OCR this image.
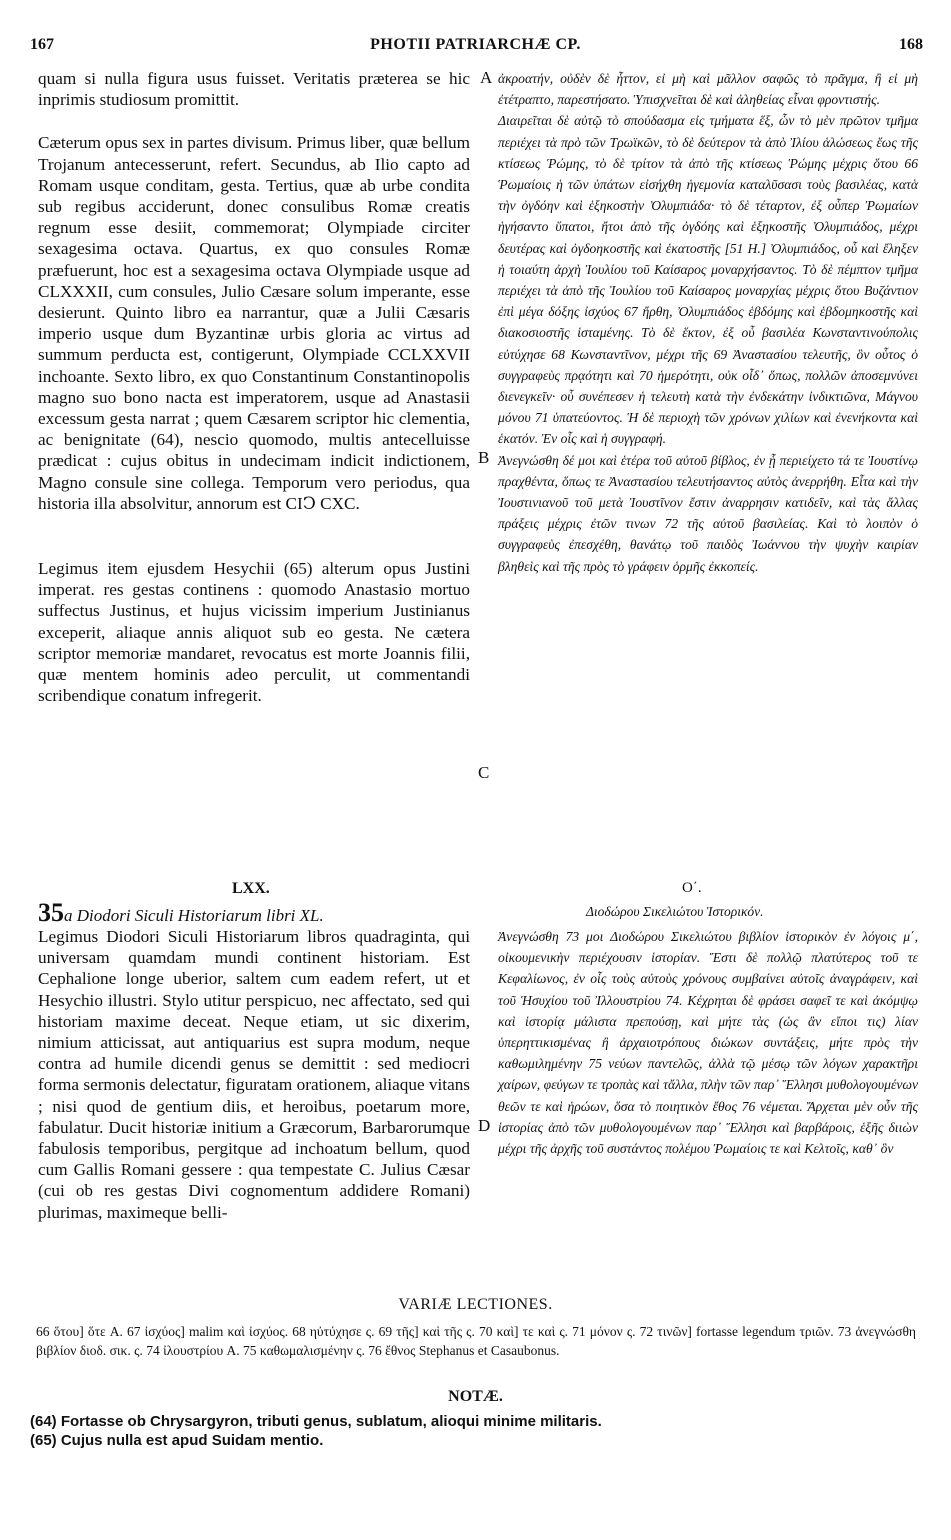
167	PHOTII PATRIARCHÆ CP.	168
A
B
C
D

quam si nulla figura usus fuisset. Veritatis præterea se hic inprimis studiosum promittit.

Cæterum opus sex in partes divisum. Primus liber, quæ bellum Trojanum antecesserunt, refert. Secundus, ab Ilio capto ad Romam usque conditam, gesta. Tertius, quæ ab urbe condita sub regibus acciderunt, donec consulibus Romæ creatis regnum esse desiit, commemorat; Olympiade circiter sexagesima octava. Quartus, ex quo consules Romæ præfuerunt, hoc est a sexagesima octava Olympiade usque ad CLXXXII, cum consules, Julio Cæsare solum imperante, esse desierunt. Quinto libro ea narrantur, quæ a Julii Cæsaris imperio usque dum Byzantinæ urbis gloria ac virtus ad summum perducta est, contigerunt, Olympiade CCLXXVII inchoante. Sexto libro, ex quo Constantinum Constantinopolis magno suo bono nacta est imperatorem, usque ad Anastasii excessum gesta narrat ; quem Cæsarem scriptor hic clementia, ac benignitate (64), nescio quomodo, multis antecelluisse prædicat : cujus obitus in undecimam indicit indictionem, Magno consule sine collega. Temporum vero periodus, qua historia illa absolvitur, annorum est CIↃ CXC.

Legimus item ejusdem Hesychii (65) alterum opus Justini imperat. res gestas continens : quomodo Anastasio mortuo suffectus Justinus, et hujus vicissim imperium Justinianus exceperit, aliaque annis aliquot sub eo gesta. Ne cætera scriptor memoriæ mandaret, revocatus est morte Joannis filii, quæ mentem hominis adeo perculit, ut commentandi scribendique conatum infregerit.

LXX.
35a Diodori Siculi Historiarum libri XL.

Legimus Diodori Siculi Historiarum libros quadraginta, qui universam quamdam mundi continent historiam. Est Cephalione longe uberior, saltem cum eadem refert, ut et Hesychio illustri. Stylo utitur perspicuo, nec affectato, sed qui historiam maxime deceat. Neque etiam, ut sic dixerim, nimium atticissat, aut antiquarius est supra modum, neque contra ad humile dicendi genus se demittit : sed mediocri forma sermonis delectatur, figuratam orationem, aliaque vitans ; nisi quod de gentium diis, et heroibus, poetarum more, fabulatur. Ducit historiæ initium a Græcorum, Barbarorumque fabulosis temporibus, pergitque ad inchoatum bellum, quod cum Gallis Romani gessere : qua tempestate C. Julius Cæsar (cui ob res gestas Divi cognomentum addidere Romani) plurimas, maximeque belli-

ἀκροατήν, οὐδὲν δὲ ἧττον, εἰ μὴ καὶ μᾶλλον σαφῶς τὸ πρᾶγμα, ἢ εἰ μὴ ἐτέτραπτο, παρεστήσατο. Ὑπισχνεῖται δὲ καὶ ἀληθείας εἶναι φροντιστής.

Διαιρεῖται δὲ αὐτῷ τὸ σπούδασμα εἰς τμήματα ἕξ, ὧν τὸ μὲν πρῶτον τμῆμα περιέχει τὰ πρὸ τῶν Τρωϊκῶν, τὸ δὲ δεύτερον τὰ ἀπὸ Ἰλίου ἁλώσεως ἕως τῆς κτίσεως Ῥώμης, τὸ δὲ τρίτον τὰ ἀπὸ τῆς κτίσεως Ῥώμης μέχρις ὅτου 66 Ῥωμαίοις ἡ τῶν ὑπάτων εἰσήχθη ἡγεμονία καταλῦσασι τοὺς βασιλέας, κατὰ τὴν ὀγδόην καὶ ἑξηκοστὴν Ὀλυμπιάδα· τὸ δὲ τέταρτον, ἐξ οὗπερ Ῥωμαίων ἡγήσαντο ὕπατοι, ἤτοι ἀπὸ τῆς ὀγδόης καὶ ἑξηκοστῆς Ὀλυμπιάδος, μέχρι δευτέρας καὶ ὀγδοηκοστῆς καὶ ἑκατοστῆς [51 H.] Ὀλυμπιάδος, οὗ καὶ ἔληξεν ἡ τοιαύτη ἀρχὴ Ἰουλίου τοῦ Καίσαρος μοναρχήσαντος. Τὸ δὲ πέμπτον τμῆμα περιέχει τὰ ἀπὸ τῆς Ἰουλίου τοῦ Καίσαρος μοναρχίας μέχρις ὅτου Βυζάντιον ἐπὶ μέγα δόξης ἰσχύος 67 ἤρθη, Ὀλυμπιάδος ἑβδόμης καὶ ἑβδομηκοστῆς καὶ διακοσιοστῆς ἱσταμένης. Τὸ δὲ ἕκτον, ἐξ οὗ βασιλέα Κωνσταντινούπολις εὐτύχησε 68 Κωνσταντῖνον, μέχρι τῆς 69 Ἀναστασίου τελευτῆς, ὃν οὗτος ὁ συγγραφεὺς πρᾳότητι καὶ 70 ἡμερότητι, οὐκ οἶδ᾽ ὅπως, πολλῶν ἀποσεμνύνει διενεγκεῖν· οὗ συνέπεσεν ἡ τελευτὴ κατὰ τὴν ἐνδεκάτην ἰνδικτιῶνα, Μάγνου μόνου 71 ὑπατεύοντος. Ἡ δὲ περιοχὴ τῶν χρόνων χιλίων καὶ ἐνενήκοντα καὶ ἑκατόν. Ἐν οἷς καὶ ἡ συγγραφή.

Ἀνεγνώσθη δέ μοι καὶ ἑτέρα τοῦ αὐτοῦ βίβλος, ἐν ᾗ περιείχετο τά τε Ἰουστίνῳ πραχθέντα, ὅπως τε Ἀναστασίου τελευτήσαντος αὐτὸς ἀνερρήθη. Εἶτα καὶ τὴν Ἰουστινιανοῦ τοῦ μετὰ Ἰουστῖνον ἔστιν ἀναρρησιν κατιδεῖν, καὶ τὰς ἄλλας πράξεις μέχρις ἐτῶν τινων 72 τῆς αὐτοῦ βασιλείας. Καὶ τὸ λοιπὸν ὁ συγγραφεὺς ἐπεσχέθη, θανάτῳ τοῦ παιδὸς Ἰωάννου τὴν ψυχὴν καιρίαν βληθεὶς καὶ τῆς πρὸς τὸ γράφειν ὁρμῆς ἐκκοπείς.

Ο΄.
Διοδώρου Σικελιώτου Ἱστορικόν.

Ἀνεγνώσθη 73 μοι Διοδώρου Σικελιώτου βιβλίον ἱστορικὸν ἐν λόγοις μ΄, οἰκουμενικὴν περιέχουσιν ἱστορίαν. Ἔστι δὲ πολλῷ πλατύτερος τοῦ τε Κεφαλίωνος, ἐν οἷς τοὺς αὐτοὺς χρόνους συμβαίνει αὐτοῖς ἀναγράφειν, καὶ τοῦ Ἡσυχίου τοῦ Ἰλλουστρίου 74. Κέχρηται δὲ φράσει σαφεῖ τε καὶ ἀκόμψῳ καὶ ἱστορίᾳ μάλιστα πρεπούσῃ, καὶ μήτε τὰς (ὡς ἂν εἴποι τις) λίαν ὑπερηττικισμένας ἢ ἀρχαιοτρόπους διώκων συντάξεις, μήτε πρὸς τὴν καθωμιλημένην 75 νεύων παντελῶς, ἀλλὰ τῷ μέσῳ τῶν λόγων χαρακτῆρι χαίρων, φεύγων τε τροπὰς καὶ τἄλλα, πλὴν τῶν παρ᾽ Ἕλλησι μυθολογουμένων θεῶν τε καὶ ἡρώων, ὅσα τὸ ποιητικὸν ἔθος 76 νέμεται. Ἄρχεται μὲν οὖν τῆς ἱστορίας ἀπὸ τῶν μυθολογουμένων παρ᾽ Ἕλλησι καὶ βαρβάροις, ἑξῆς διιὼν μέχρι τῆς ἀρχῆς τοῦ συστάντος πολέμου Ῥωμαίοις τε καὶ Κελτοῖς, καθ᾽ ὃν

VARIÆ LECTIONES.
66 ὅτου] ὅτε A. 67 ἰσχύος] malim καὶ ἰσχύος. 68 ηὐτύχησε ς. 69 τῆς] καὶ τῆς ς. 70 καὶ] τε καὶ ς. 71 μόνον ς. 72 τινῶν] fortasse legendum τριῶν. 73 ἀνεγνώσθη βιβλίον διοδ. σικ. ς. 74 ἰλουστρίου A. 75 καθωμαλισμένην ς. 76 ἔθνος Stephanus et Casaubonus.
NOTÆ.
(64) Fortasse ob Chrysargyron, tributi genus, sublatum, alioqui minime militaris.
(65) Cujus nulla est apud Suidam mentio.
